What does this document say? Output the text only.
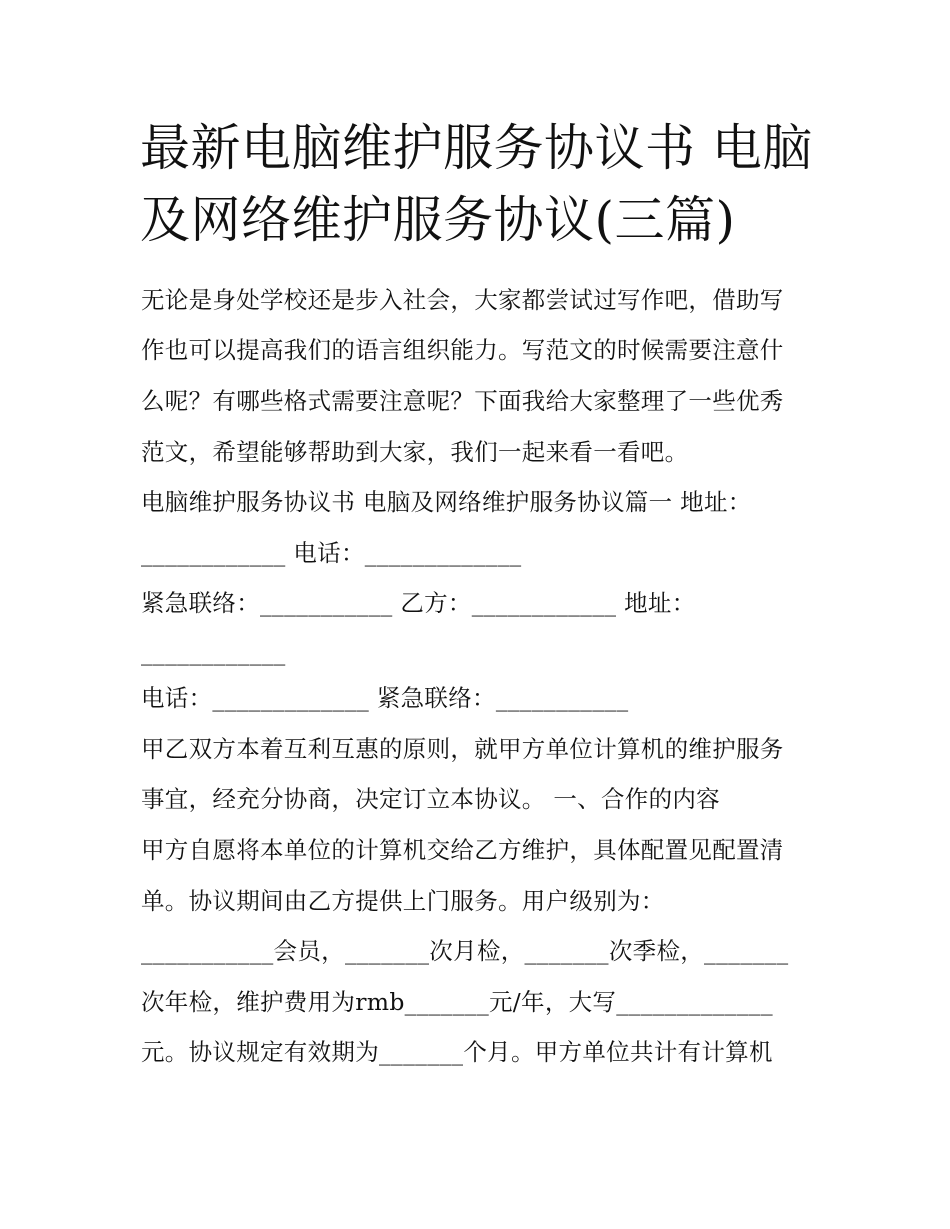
最新电脑维护服务协议书 电脑
及网络维护服务协议(三篇)
无论是身处学校还是步入社会，大家都尝试过写作吧，借助写
作也可以提高我们的语言组织能力。写范文的时候需要注意什
么呢？有哪些格式需要注意呢？下面我给大家整理了一些优秀
范文，希望能够帮助到大家，我们一起来看一看吧。
电脑维护服务协议书 电脑及网络维护服务协议篇一 地址：
____________ 电话：_____________
紧急联络：___________ 乙方：____________ 地址：
____________
电话：_____________ 紧急联络：___________
甲乙双方本着互利互惠的原则，就甲方单位计算机的维护服务
事宜，经充分协商，决定订立本协议。 一、合作的内容
甲方自愿将本单位的计算机交给乙方维护，具体配置见配置清
单。协议期间由乙方提供上门服务。用户级别为：
___________会员，_______次月检，_______次季检，_______
次年检，维护费用为rmb_______元/年，大写_____________
元。协议规定有效期为_______个月。甲方单位共计有计算机
